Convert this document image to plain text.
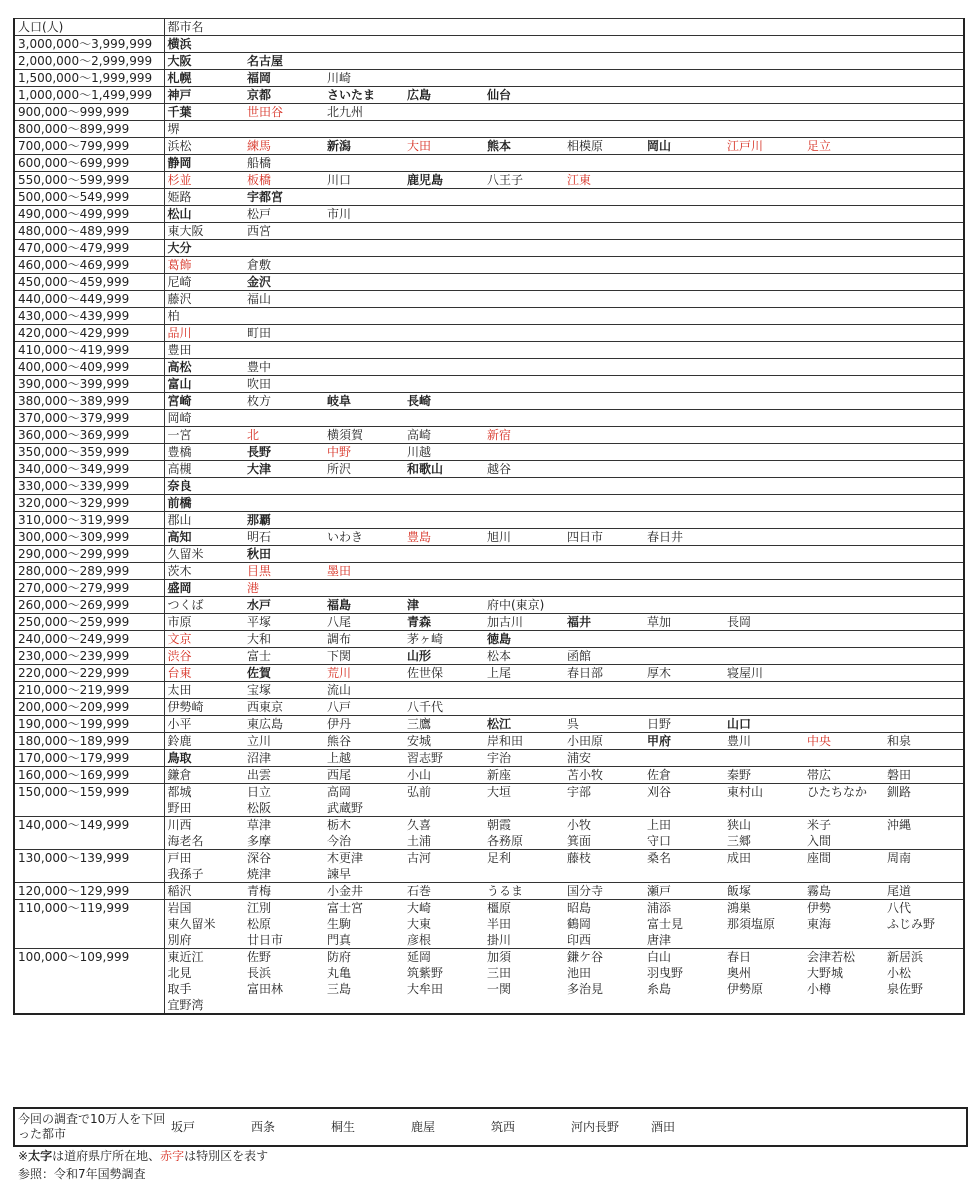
人口(人)	都市名									
3,000,000～3,999,999	横浜									
2,000,000～2,999,999	大阪	名古屋								
1,500,000～1,999,999	札幌	福岡	川崎							
1,000,000～1,499,999	神戸	京都	さいたま	広島	仙台					
900,000～999,999	千葉	世田谷	北九州							
800,000～899,999	堺									
700,000～799,999	浜松	練馬	新潟	大田	熊本	相模原	岡山	江戸川	足立	
600,000～699,999	静岡	船橋								
550,000～599,999	杉並	板橋	川口	鹿児島	八王子	江東				
500,000～549,999	姫路	宇都宮								
490,000～499,999	松山	松戸	市川							
480,000～489,999	東大阪	西宮								
470,000～479,999	大分									
460,000～469,999	葛飾	倉敷								
450,000～459,999	尼崎	金沢								
440,000～449,999	藤沢	福山								
430,000～439,999	柏									
420,000～429,999	品川	町田								
410,000～419,999	豊田									
400,000～409,999	高松	豊中								
390,000～399,999	富山	吹田								
380,000～389,999	宮崎	枚方	岐阜	長崎						
370,000～379,999	岡崎									
360,000～369,999	一宮	北	横須賀	高崎	新宿					
350,000～359,999	豊橋	長野	中野	川越						
340,000～349,999	高槻	大津	所沢	和歌山	越谷					
330,000～339,999	奈良									
320,000～329,999	前橋									
310,000～319,999	郡山	那覇								
300,000～309,999	高知	明石	いわき	豊島	旭川	四日市	春日井			
290,000～299,999	久留米	秋田								
280,000～289,999	茨木	目黒	墨田							
270,000～279,999	盛岡	港								
260,000～269,999	つくば	水戸	福島	津	府中(東京)					
250,000～259,999	市原	平塚	八尾	青森	加古川	福井	草加	長岡		
240,000～249,999	文京	大和	調布	茅ヶ崎	徳島					
230,000～239,999	渋谷	富士	下関	山形	松本	函館				
220,000～229,999	台東	佐賀	荒川	佐世保	上尾	春日部	厚木	寝屋川		
210,000～219,999	太田	宝塚	流山							
200,000～209,999	伊勢崎	西東京	八戸	八千代						
190,000～199,999	小平	東広島	伊丹	三鷹	松江	呉	日野	山口		
180,000～189,999	鈴鹿	立川	熊谷	安城	岸和田	小田原	甲府	豊川	中央	和泉
170,000～179,999	鳥取	沼津	上越	習志野	宇治	浦安				
160,000～169,999	鎌倉	出雲	西尾	小山	新座	苫小牧	佐倉	秦野	帯広	磐田
150,000～159,999	都城	日立	高岡	弘前	大垣	宇部	刈谷	東村山	ひたちなか	釧路
	野田	松阪	武蔵野							
140,000～149,999	川西	草津	栃木	久喜	朝霞	小牧	上田	狭山	米子	沖縄
	海老名	多摩	今治	土浦	各務原	箕面	守口	三郷	入間	
130,000～139,999	戸田	深谷	木更津	古河	足利	藤枝	桑名	成田	座間	周南
	我孫子	焼津	諫早							
120,000～129,999	稲沢	青梅	小金井	石巻	うるま	国分寺	瀬戸	飯塚	霧島	尾道
110,000～119,999	岩国	江別	富士宮	大崎	橿原	昭島	浦添	鴻巣	伊勢	八代
	東久留米	松原	生駒	大東	半田	鶴岡	富士見	那須塩原	東海	ふじみ野
	別府	廿日市	門真	彦根	掛川	印西	唐津			
100,000～109,999	東近江	佐野	防府	延岡	加須	鎌ケ谷	白山	春日	会津若松	新居浜
	北見	長浜	丸亀	筑紫野	三田	池田	羽曳野	奥州	大野城	小松
	取手	富田林	三島	大牟田	一関	多治見	糸島	伊勢原	小樽	泉佐野
	宜野湾									
今回の調査で10万人を下回った都市	坂戸	西条	桐生	鹿屋	筑西	河内長野	酒田	
※太字は道府県庁所在地、赤字は特別区を表す
参照：令和7年国勢調査
